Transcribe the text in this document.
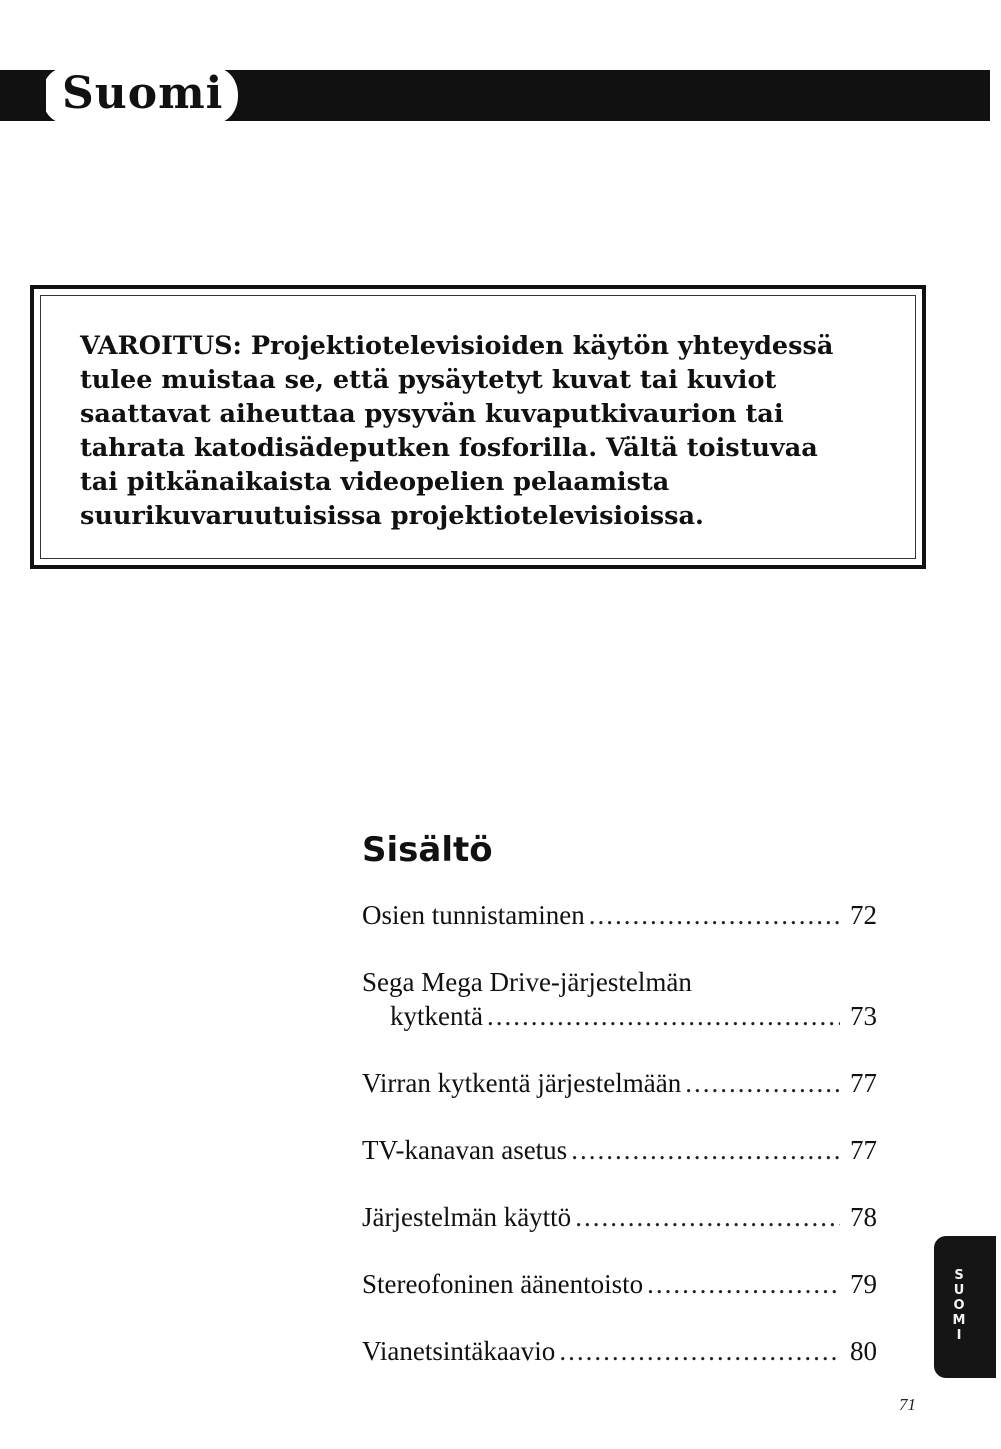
Suomi

VAROITUS: Projektiotelevisioiden käytön yhteydessä
tulee muistaa se, että pysäytetyt kuvat tai kuviot
saattavat aiheuttaa pysyvän kuvaputkivaurion tai
tahrata katodisädeputken fosforilla. Vältä toistuvaa
tai pitkänaikaista videopelien pelaamista
suurikuvaruutuisissa projektiotelevisioissa.

Sisältö
Osien tunnistaminen .....	72
Sega Mega Drive-järjestelmän
kytkentä .....	73
Virran kytkentä järjestelmään .....	77
TV-kanavan asetus .....	77
Järjestelmän käyttö .....	78
Stereofoninen äänentoisto .....	79
Vianetsintäkaavio .....	80
S
U
O
M
I
71
